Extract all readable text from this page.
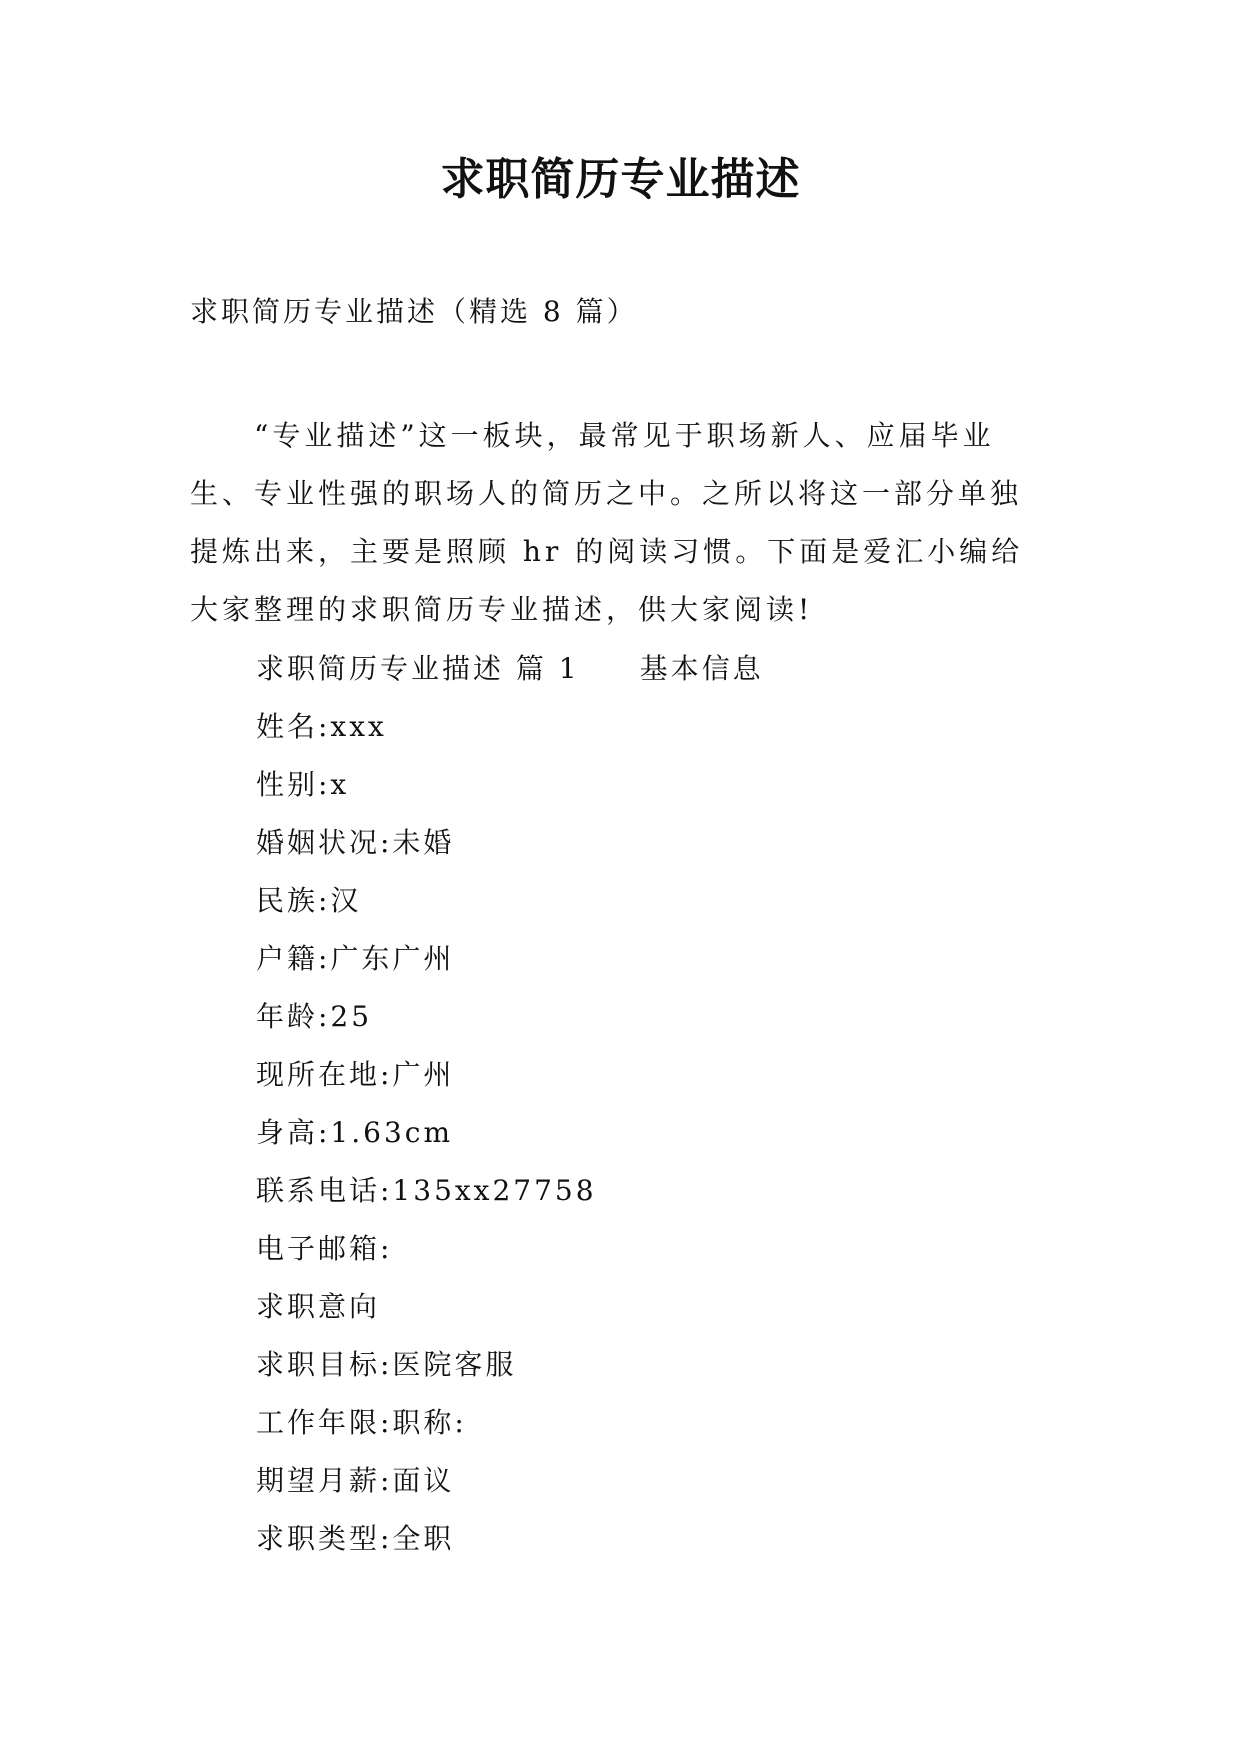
求职简历专业描述
求职简历专业描述（精选 8 篇）

“专业描述”这一板块，最常见于职场新人、应届毕业生、专业性强的职场人的简历之中。之所以将这一部分单独提炼出来，主要是照顾 hr 的阅读习惯。下面是爱汇小编给大家整理的求职简历专业描述，供大家阅读!

求职简历专业描述 篇 1 基本信息
姓名:xxx
性别:x
婚姻状况:未婚
民族:汉
户籍:广东广州
年龄:25
现所在地:广州
身高:1.63cm
联系电话:135xx27758
电子邮箱:
求职意向
求职目标:医院客服
工作年限:职称:
期望月薪:面议
求职类型:全职
